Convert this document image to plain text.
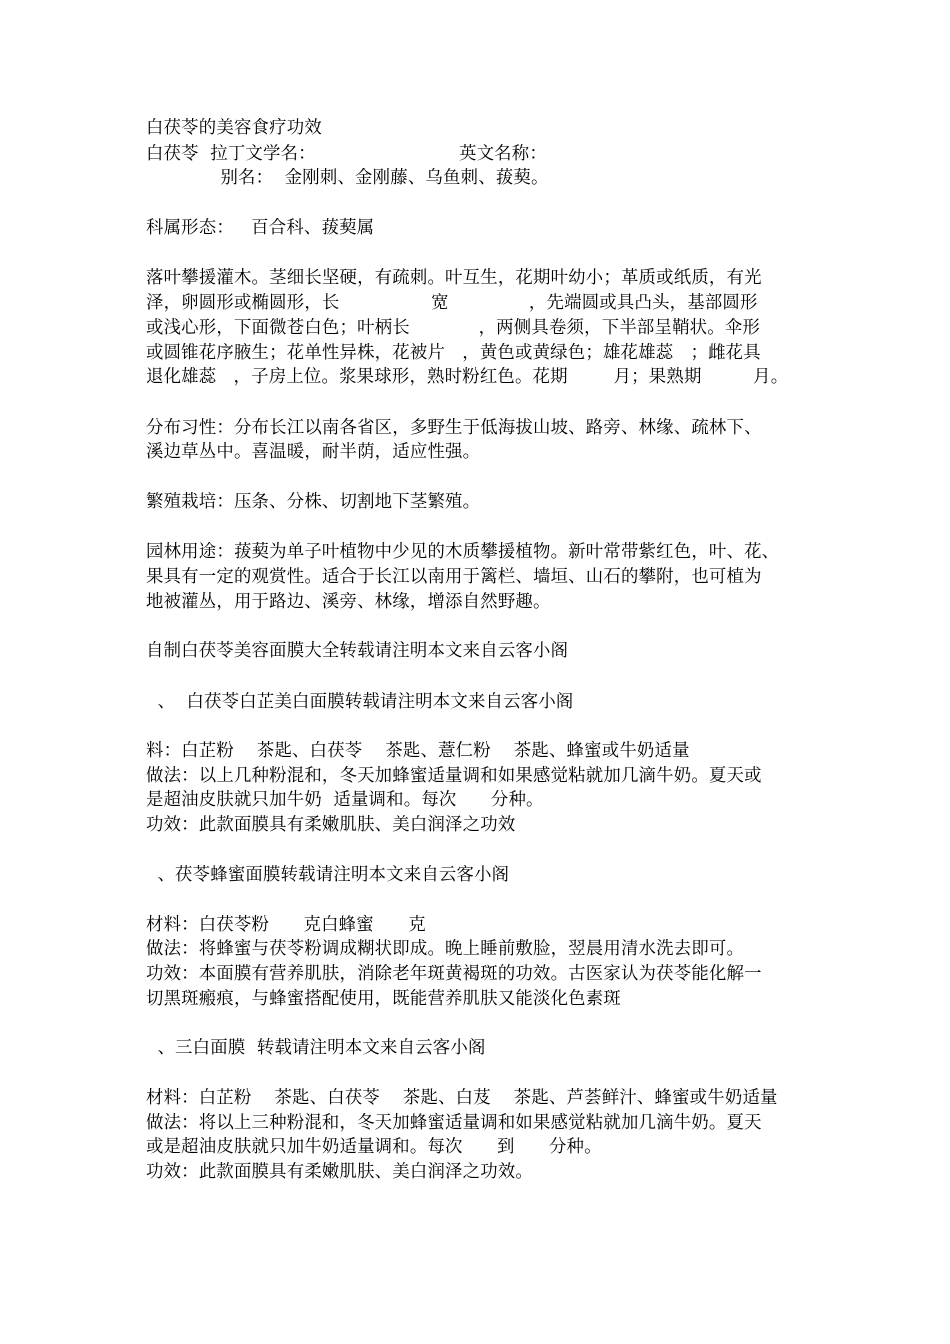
白茯苓的美容食疗功效
白茯苓  拉丁文学名：                         英文名称：
别名：  金刚刺、金刚藤、乌鱼刺、菝葜。
科属形态：   百合科、菝葜属
落叶攀援灌木。茎细长坚硬，有疏刺。叶互生，花期叶幼小；革质或纸质，有光
泽，卵圆形或椭圆形，长                宽              ，先端圆或具凸头，基部圆形
或浅心形，下面微苍白色；叶柄长            ，两侧具卷须，下半部呈鞘状。伞形
或圆锥花序腋生；花单性异株，花被片   ，黄色或黄绿色；雄花雄蕊   ；雌花具
退化雄蕊   ，子房上位。浆果球形，熟时粉红色。花期        月；果熟期         月。
分布习性：分布长江以南各省区，多野生于低海拔山坡、路旁、林缘、疏林下、
溪边草丛中。喜温暖，耐半荫，适应性强。
繁殖栽培：压条、分株、切割地下茎繁殖。
园林用途：菝葜为单子叶植物中少见的木质攀援植物。新叶常带紫红色，叶、花、
果具有一定的观赏性。适合于长江以南用于篱栏、墙垣、山石的攀附，也可植为
地被灌丛，用于路边、溪旁、林缘，增添自然野趣。
自制白茯苓美容面膜大全转载请注明本文来自云客小阁
、  白茯苓白芷美白面膜转载请注明本文来自云客小阁
料：白芷粉    茶匙、白茯苓    茶匙、薏仁粉    茶匙、蜂蜜或牛奶适量
做法：以上几种粉混和，冬天加蜂蜜适量调和如果感觉粘就加几滴牛奶。夏天或
是超油皮肤就只加牛奶  适量调和。每次      分种。
功效：此款面膜具有柔嫩肌肤、美白润泽之功效
、茯苓蜂蜜面膜转载请注明本文来自云客小阁
材料：白茯苓粉      克白蜂蜜      克
做法：将蜂蜜与茯苓粉调成糊状即成。晚上睡前敷脸，翌晨用清水洗去即可。
功效：本面膜有营养肌肤，消除老年斑黄褐斑的功效。古医家认为茯苓能化解一
切黑斑瘢痕，与蜂蜜搭配使用，既能营养肌肤又能淡化色素斑
、三白面膜  转载请注明本文来自云客小阁
材料：白芷粉    茶匙、白茯苓    茶匙、白芨    茶匙、芦荟鲜汁、蜂蜜或牛奶适量
做法：将以上三种粉混和，冬天加蜂蜜适量调和如果感觉粘就加几滴牛奶。夏天
或是超油皮肤就只加牛奶适量调和。每次      到      分种。
功效：此款面膜具有柔嫩肌肤、美白润泽之功效。
